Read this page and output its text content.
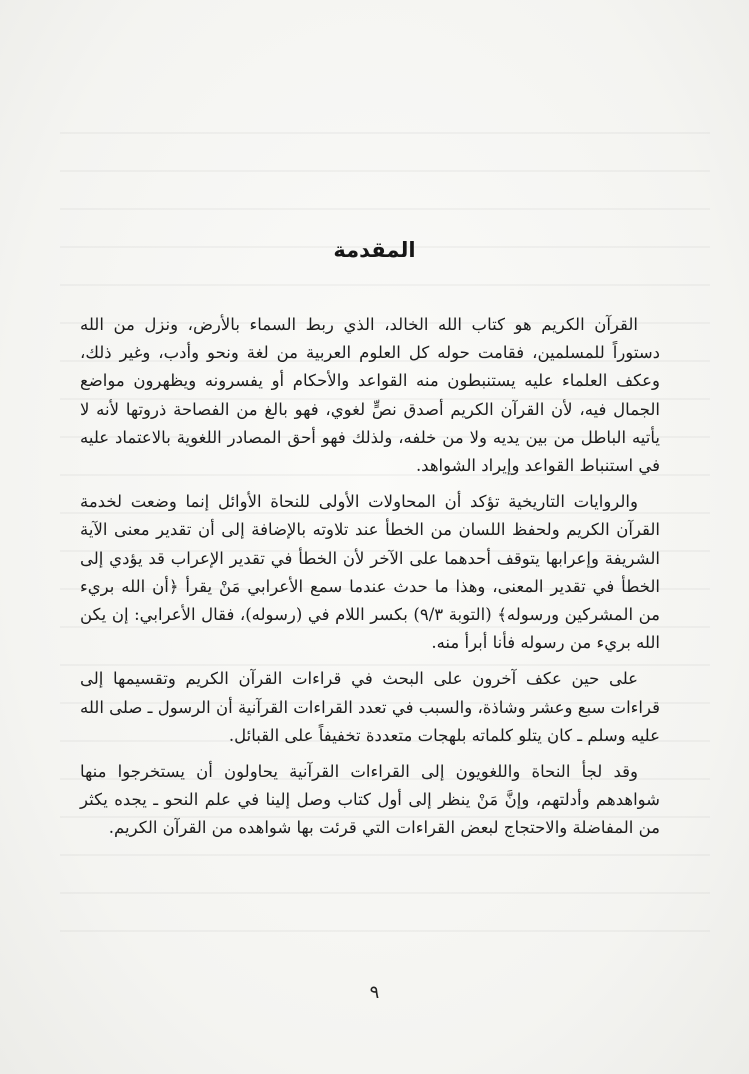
المقدمة

القرآن الكريم هو كتاب الله الخالد، الذي ربط السماء بالأرض، ونزل من الله دستوراً للمسلمين، فقامت حوله كل العلوم العربية من لغة ونحو وأدب، وغير ذلك، وعكف العلماء عليه يستنبطون منه القواعد والأحكام أو يفسرونه ويظهرون مواضع الجمال فيه، لأن القرآن الكريم أصدق نصٍّ لغوي، فهو بالغ من الفصاحة ذروتها لأنه لا يأتيه الباطل من بين يديه ولا من خلفه، ولذلك فهو أحق المصادر اللغوية بالاعتماد عليه في استنباط القواعد وإيراد الشواهد.

والروايات التاريخية تؤكد أن المحاولات الأولى للنحاة الأوائل إنما وضعت لخدمة القرآن الكريم ولحفظ اللسان من الخطأ عند تلاوته بالإضافة إلى أن تقدير معنى الآية الشريفة وإعرابها يتوقف أحدهما على الآخر لأن الخطأ في تقدير الإعراب قد يؤدي إلى الخطأ في تقدير المعنى، وهذا ما حدث عندما سمع الأعرابي مَنْ يقرأ ﴿أن الله بريء من المشركين ورسوله﴾ (التوبة ٩/٣) بكسر اللام في (رسوله)، فقال الأعرابي: إن يكن الله بريء من رسوله فأنا أبرأ منه.

على حين عكف آخرون على البحث في قراءات القرآن الكريم وتقسيمها إلى قراءات سبع وعشر وشاذة، والسبب في تعدد القراءات القرآنية أن الرسول ـ صلى الله عليه وسلم ـ كان يتلو كلماته بلهجات متعددة تخفيفاً على القبائل.

وقد لجأ النحاة واللغويون إلى القراءات القرآنية يحاولون أن يستخرجوا منها شواهدهم وأدلتهم، وإنَّ مَنْ ينظر إلى أول كتاب وصل إلينا في علم النحو ـ يجده يكثر من المفاضلة والاحتجاج لبعض القراءات التي قرئت بها شواهده من القرآن الكريم.

٩
